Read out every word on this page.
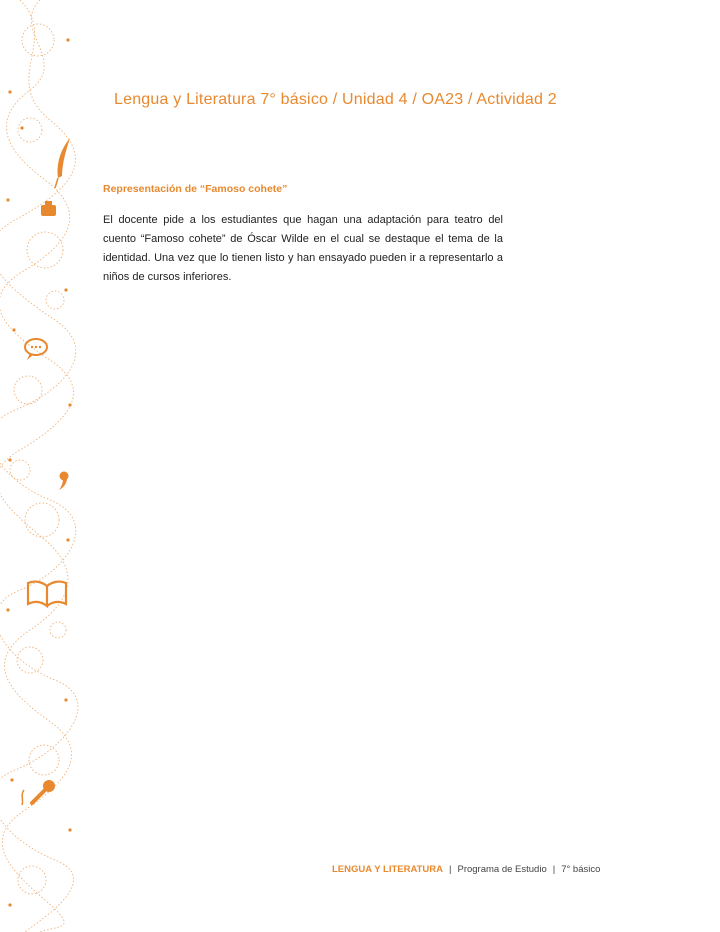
Lengua y Literatura 7° básico / Unidad 4 / OA23 / Actividad 2
Representación de “Famoso cohete”
El docente pide a los estudiantes que hagan una adaptación para teatro del cuento “Famoso cohete” de Óscar Wilde en el cual se destaque el tema de la identidad. Una vez que lo tienen listo y han ensayado pueden ir a representarlo a niños de cursos inferiores.
LENGUA Y LITERATURA | Programa de Estudio | 7° básico
